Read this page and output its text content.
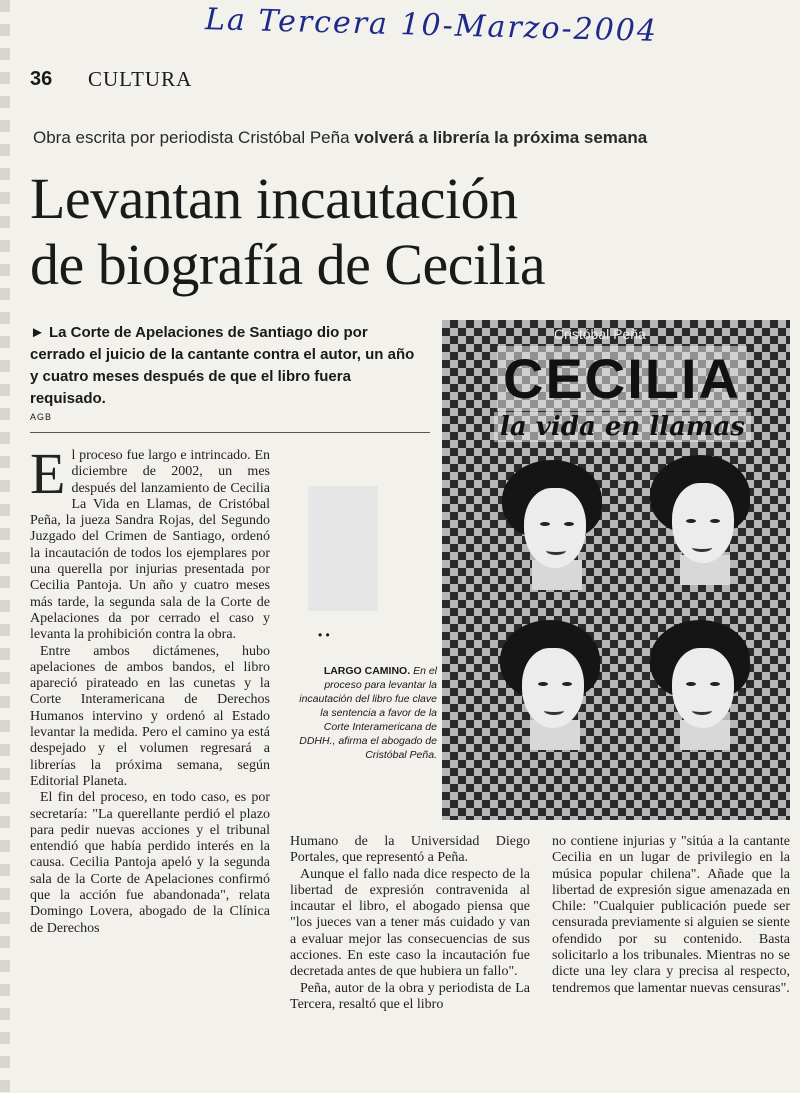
La Tercera 10-Marzo-2004
36 CULTURA
Obra escrita por periodista Cristóbal Peña volverá a librería la próxima semana
Levantan incautación
de biografía de Cecilia
► La Corte de Apelaciones de Santiago dio por cerrado el juicio de la cantante contra el autor, un año y cuatro meses después de que el libro fuera requisado.
AGB

El proceso fue largo e intrincado. En diciembre de 2002, un mes después del lanzamiento de Cecilia La Vida en Llamas, de Cristóbal Peña, la jueza Sandra Rojas, del Segundo Juzgado del Crimen de Santiago, ordenó la incautación de todos los ejemplares por una querella por injurias presentada por Cecilia Pantoja. Un año y cuatro meses más tarde, la segunda sala de la Corte de Apelaciones da por cerrado el caso y levanta la prohibición contra la obra.

Entre ambos dictámenes, hubo apelaciones de ambos bandos, el libro apareció pirateado en las cunetas y la Corte Interamericana de Derechos Humanos intervino y ordenó al Estado levantar la medida. Pero el camino ya está despejado y el volumen regresará a librerías la próxima semana, según Editorial Planeta.

El fin del proceso, en todo caso, es por secretaría: "La querellante perdió el plazo para pedir nuevas acciones y el tribunal entendió que había perdido interés en la causa. Cecilia Pantoja apeló y la segunda sala de la Corte de Apelaciones confirmó que la acción fue abandonada", relata Domingo Lovera, abogado de la Clínica de Derechos

• •
LARGO CAMINO. En el proceso para levantar la incautación del libro fue clave la sentencia a favor de la Corte Interamericana de DDHH., afirma el abogado de Cristóbal Peña.
Cristóbal Peña
CECILIA
la vida en llamas

Humano de la Universidad Diego Portales, que representó a Peña.

Aunque el fallo nada dice respecto de la libertad de expresión contravenida al incautar el libro, el abogado piensa que "los jueces van a tener más cuidado y van a evaluar mejor las consecuencias de sus acciones. En este caso la incautación fue decretada antes de que hubiera un fallo".

Peña, autor de la obra y periodista de La Tercera, resaltó que el libro

no contiene injurias y "sitúa a la cantante Cecilia en un lugar de privilegio en la música popular chilena". Añade que la libertad de expresión sigue amenazada en Chile: "Cualquier publicación puede ser censurada previamente si alguien se siente ofendido por su contenido. Basta solicitarlo a los tribunales. Mientras no se dicte una ley clara y precisa al respecto, tendremos que lamentar nuevas censuras".
